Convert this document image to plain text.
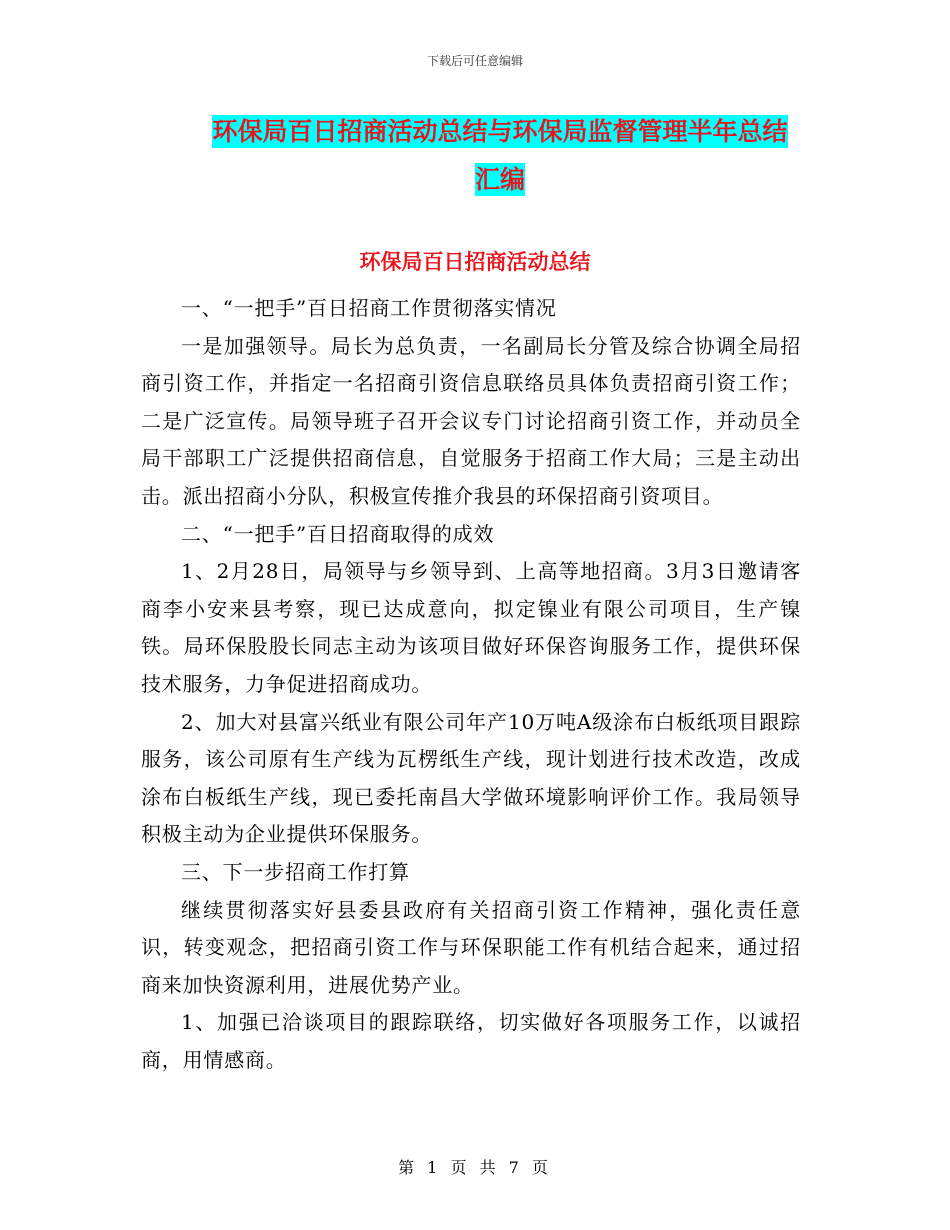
下载后可任意编辑
环保局百日招商活动总结与环保局监督管理半年总结
汇编
环保局百日招商活动总结

一、“一把手”百日招商工作贯彻落实情况

一是加强领导。局长为总负责，一名副局长分管及综合协调全局招商引资工作，并指定一名招商引资信息联络员具体负责招商引资工作；二是广泛宣传。局领导班子召开会议专门讨论招商引资工作，并动员全局干部职工广泛提供招商信息，自觉服务于招商工作大局；三是主动出击。派出招商小分队，积极宣传推介我县的环保招商引资项目。

二、“一把手”百日招商取得的成效

1、2月28日，局领导与乡领导到、上高等地招商。3月3日邀请客商李小安来县考察，现已达成意向，拟定镍业有限公司项目，生产镍铁。局环保股股长同志主动为该项目做好环保咨询服务工作，提供环保技术服务，力争促进招商成功。

2、加大对县富兴纸业有限公司年产10万吨A级涂布白板纸项目跟踪服务，该公司原有生产线为瓦楞纸生产线，现计划进行技术改造，改成涂布白板纸生产线，现已委托南昌大学做环境影响评价工作。我局领导积极主动为企业提供环保服务。

三、下一步招商工作打算

继续贯彻落实好县委县政府有关招商引资工作精神，强化责任意识，转变观念，把招商引资工作与环保职能工作有机结合起来，通过招商来加快资源利用，进展优势产业。

1、加强已洽谈项目的跟踪联络，切实做好各项服务工作，以诚招商，用情感商。

第 1 页 共 7 页
